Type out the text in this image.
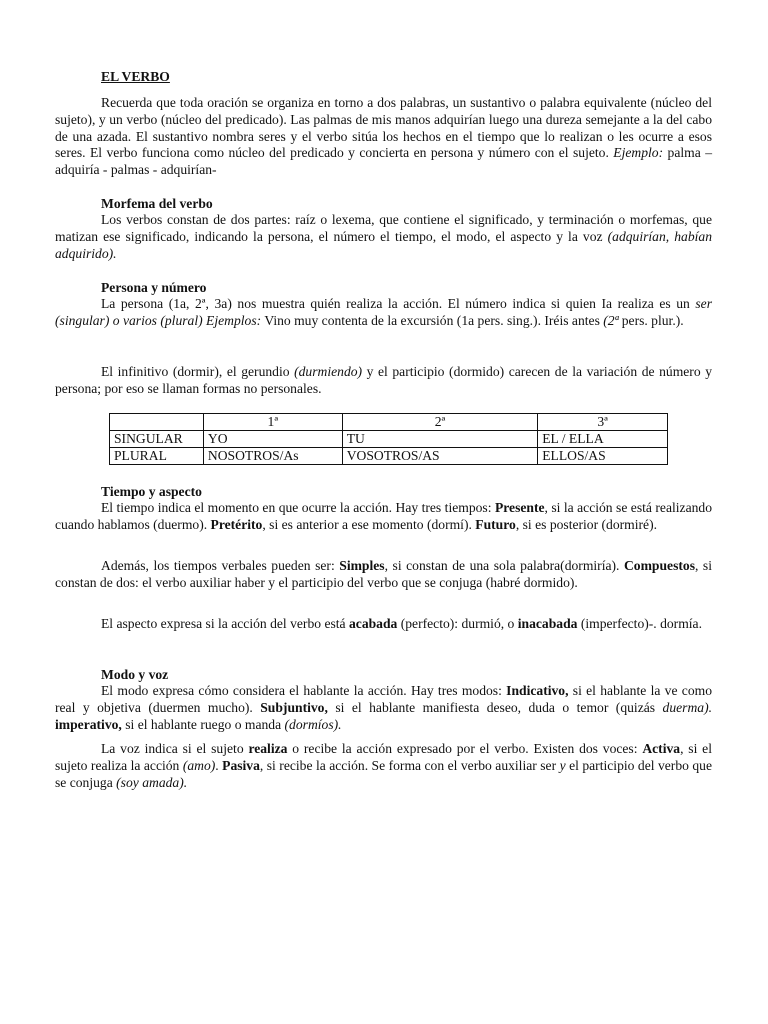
EL VERBO

Recuerda que toda oración se organiza en torno a dos palabras, un sustantivo o palabra equivalente (núcleo del sujeto), y un verbo (núcleo del predicado). Las palmas de mis manos adquirían luego una dureza semejante a la del cabo de una azada. El sustantivo nombra seres y el verbo sitúa los hechos en el tiempo que lo realizan o les ocurre a esos seres. El verbo funciona como núcleo del predicado y concierta en persona y número con el sujeto. Ejemplo: palma – adquiría - palmas - adquirían-

Morfema del verbo

Los verbos constan de dos partes: raíz o lexema, que contiene el significado, y terminación o morfemas, que matizan ese significado, indicando la persona, el número el tiempo, el modo, el aspecto y la voz (adquirían, habían adquirido).

Persona y número

La persona (1a, 2ª, 3a) nos muestra quién realiza la acción. El número indica si quien Ia realiza es un ser (singular) o varios (plural) Ejemplos: Vino muy contenta de la excursión (1a pers. sing.). Iréis antes (2ª pers. plur.).

El infinitivo (dormir), el gerundio (durmiendo) y el participio (dormido) carecen de la variación de número y persona; por eso se llaman formas no personales.

	1ª	2ª	3ª
SINGULAR	YO	TU	EL / ELLA
PLURAL	NOSOTROS/As	VOSOTROS/AS	ELLOS/AS

Tiempo y aspecto

El tiempo indica el momento en que ocurre la acción. Hay tres tiempos: Presente, si la acción se está realizando cuando hablamos (duermo). Pretérito, si es anterior a ese momento (dormí). Futuro, si es posterior (dormiré).

Además, los tiempos verbales pueden ser: Simples, si constan de una sola palabra(dormiría). Compuestos, si constan de dos: el verbo auxiliar haber y el participio del verbo que se conjuga (habré dormido).

El aspecto expresa si la acción del verbo está acabada (perfecto): durmió, o inacabada (imperfecto)-. dormía.

Modo y voz

El modo expresa cómo considera el hablante la acción. Hay tres modos: Indicativo, si el hablante la ve como real y objetiva (duermen mucho). Subjuntivo, si el hablante manifiesta deseo, duda o temor (quizás duerma). imperativo, si el hablante ruego o manda (dormíos).

La voz indica si el sujeto realiza o recibe la acción expresado por el verbo. Existen dos voces: Activa, si el sujeto realiza la acción (amo). Pasiva, si recibe la acción. Se forma con el verbo auxiliar ser y el participio del verbo que se conjuga (soy amada).
